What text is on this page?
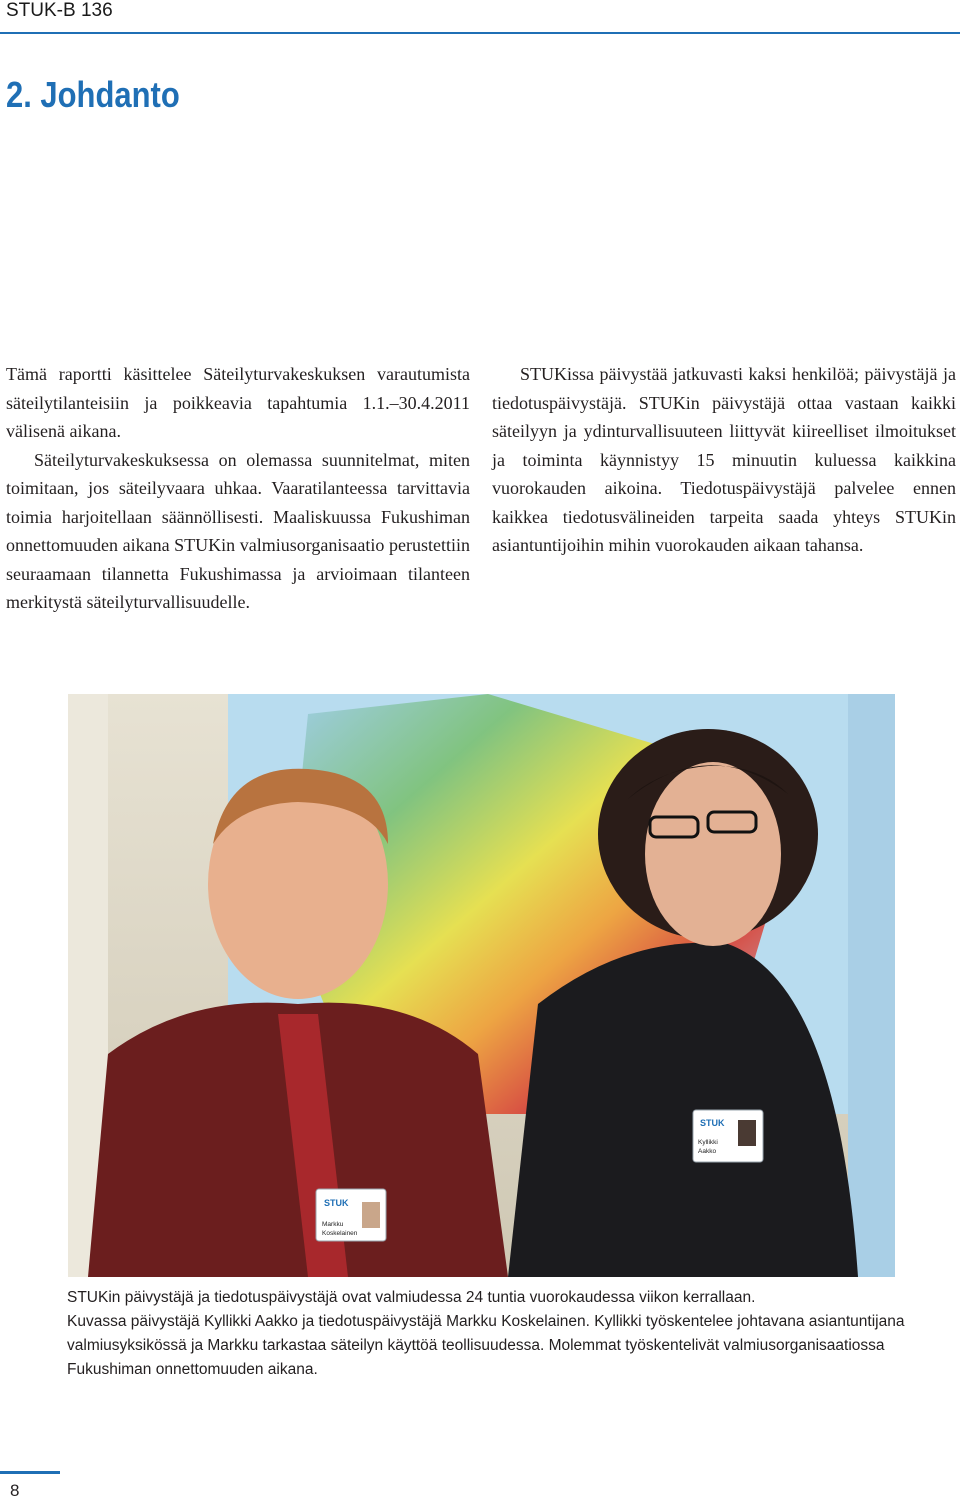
STUK-B 136
2. Johdanto

Tämä raportti käsittelee Säteilyturvakeskuksen varautumista säteilytilanteisiin ja poikkeavia tapahtumia 1.1.–30.4.2011 välisenä aikana.

Säteilyturvakeskuksessa on olemassa suunnitelmat, miten toimitaan, jos säteilyvaara uhkaa. Vaaratilanteessa tarvittavia toimia harjoitellaan säännöllisesti. Maaliskuussa Fukushiman onnettomuuden aikana STUKin valmiusorganisaatio perustettiin seuraamaan tilannetta Fukushimassa ja arvioimaan tilanteen merkitystä säteilyturvallisuudelle.

STUKissa päivystää jatkuvasti kaksi henkilöä; päivystäjä ja tiedotuspäivystäjä. STUKin päivystäjä ottaa vastaan kaikki säteilyyn ja ydinturvallisuuteen liittyvät kiireelliset ilmoitukset ja toiminta käynnistyy 15 minuutin kuluessa kaikkina vuorokauden aikoina. Tiedotuspäivystäjä palvelee ennen kaikkea tiedotusvälineiden tarpeita saada yhteys STUKin asiantuntijoihin mihin vuorokauden aikaan tahansa.

STUK
Markku
Koskelainen
STUK
Kyllikki
Aakko

STUKin päivystäjä ja tiedotuspäivystäjä ovat valmiudessa 24 tuntia vuorokaudessa viikon kerrallaan.

Kuvassa päivystäjä Kyllikki Aakko ja tiedotuspäivystäjä Markku Koskelainen. Kyllikki työskentelee johtavana asiantuntijana valmiusyksikössä ja Markku tarkastaa säteilyn käyttöä teollisuudessa. Molemmat työskentelivät valmiusorganisaatiossa Fukushiman onnettomuuden aikana.

8
